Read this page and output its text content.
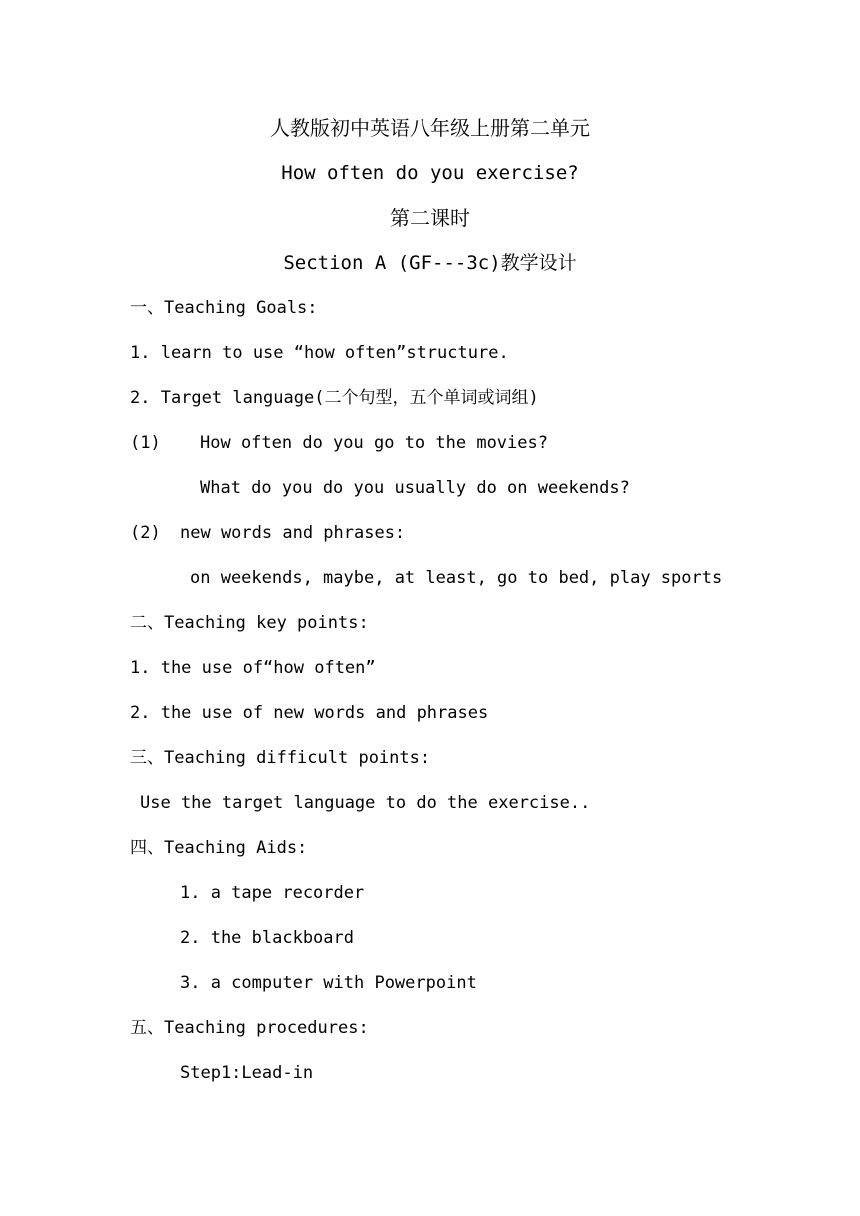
人教版初中英语八年级上册第二单元
How often do you exercise?
第二课时
Section A (GF---3c)教学设计
一、Teaching Goals:
1. learn to use “how often”structure.
2. Target language(二个句型，五个单词或词组)
(1) How often do you go to the movies?
What do you do you usually do on weekends?
(2) new words and phrases:
on weekends, maybe, at least, go to bed, play sports
二、Teaching key points:
1. the use of“how often”
2. the use of new words and phrases
三、Teaching difficult points:
Use the target language to do the exercise..
四、Teaching Aids:
1. a tape recorder
2. the blackboard
3. a computer with Powerpoint
五、Teaching procedures:
Step1:Lead-in
